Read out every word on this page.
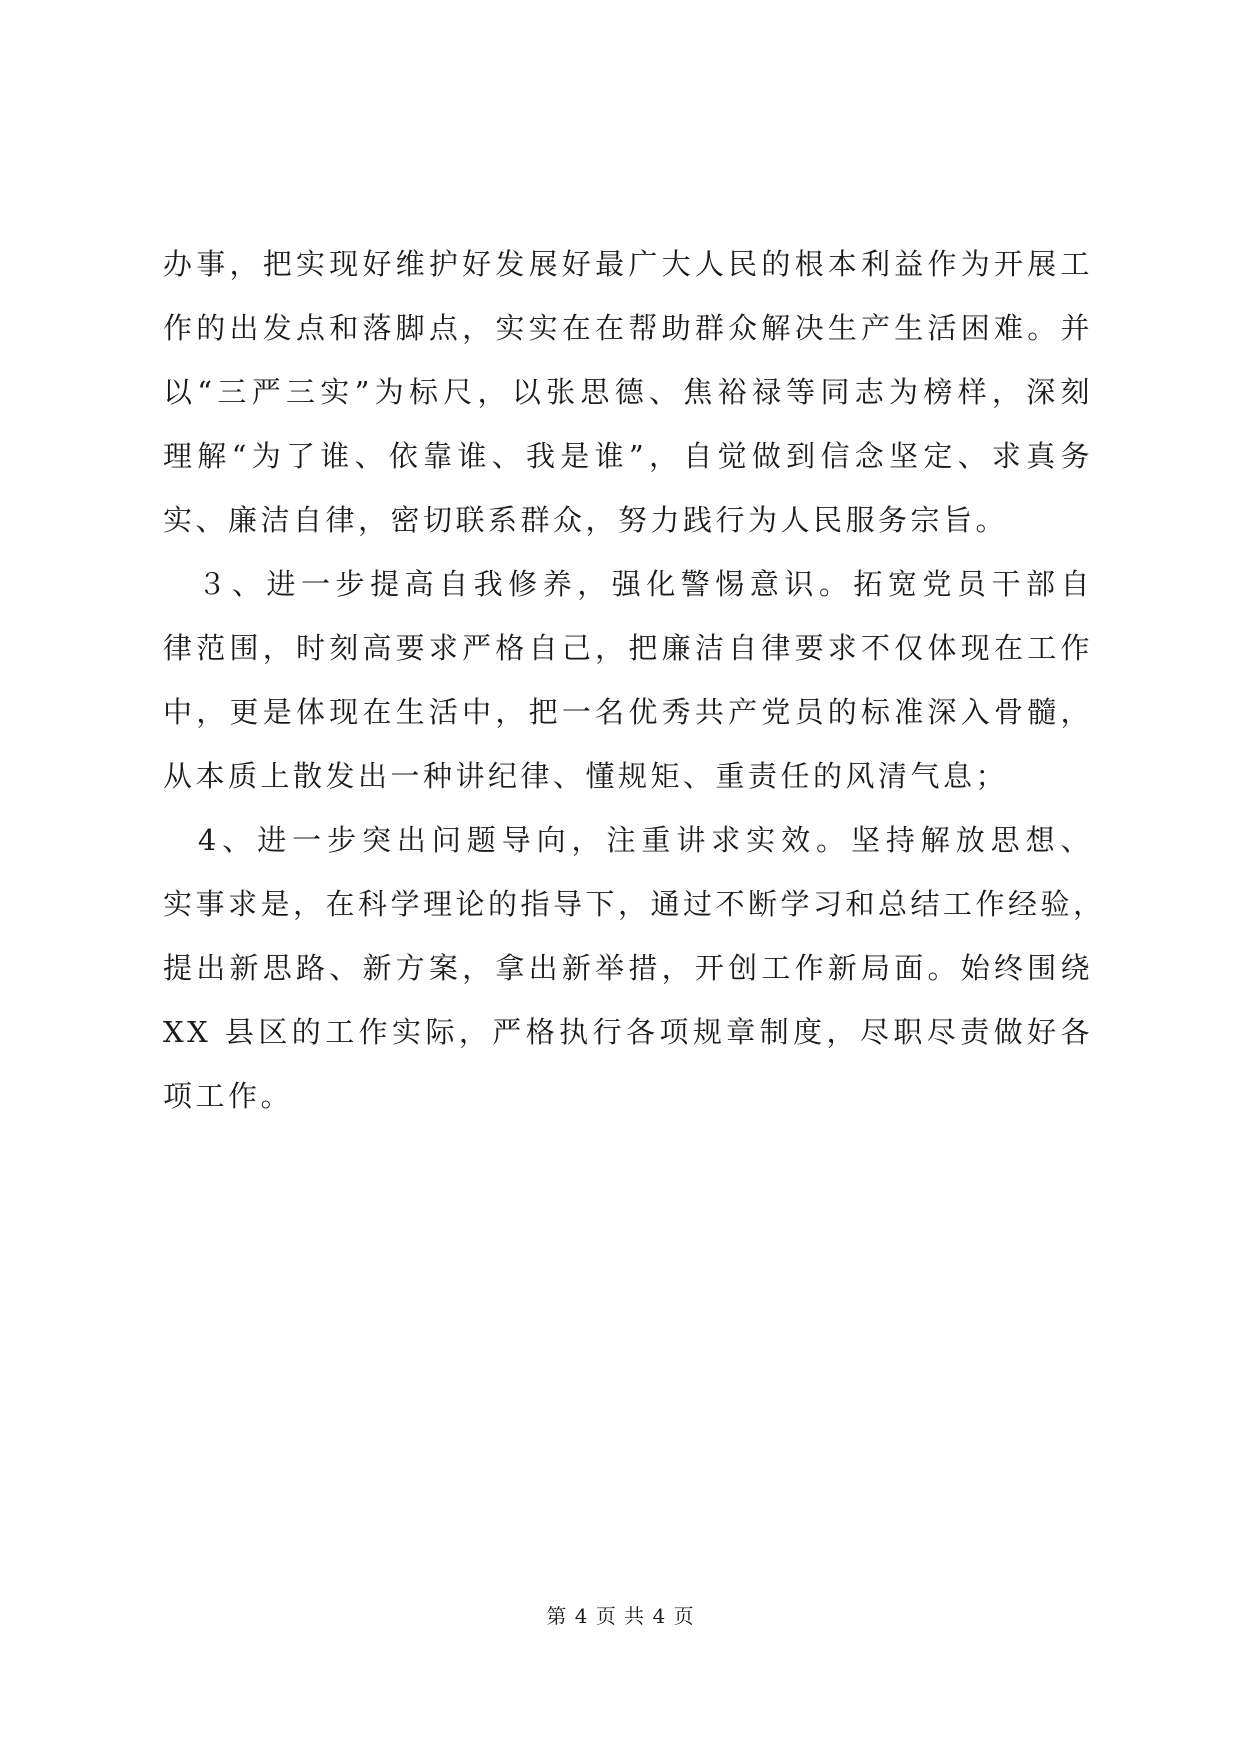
办事，把实现好维护好发展好最广大人民的根本利益作为开展工
作的出发点和落脚点，实实在在帮助群众解决生产生活困难。并
以“三严三实”为标尺，以张思德、焦裕禄等同志为榜样，深刻
理解“为了谁、依靠谁、我是谁”，自觉做到信念坚定、求真务
实、廉洁自律，密切联系群众，努力践行为人民服务宗旨。
　３、进一步提高自我修养，强化警惕意识。拓宽党员干部自
律范围，时刻高要求严格自己，把廉洁自律要求不仅体现在工作
中，更是体现在生活中，把一名优秀共产党员的标准深入骨髓，
从本质上散发出一种讲纪律、懂规矩、重责任的风清气息；
　4、进一步突出问题导向，注重讲求实效。坚持解放思想、
实事求是，在科学理论的指导下，通过不断学习和总结工作经验，
提出新思路、新方案，拿出新举措，开创工作新局面。始终围绕
XX 县区的工作实际，严格执行各项规章制度，尽职尽责做好各
项工作。
第 4 页 共 4 页
